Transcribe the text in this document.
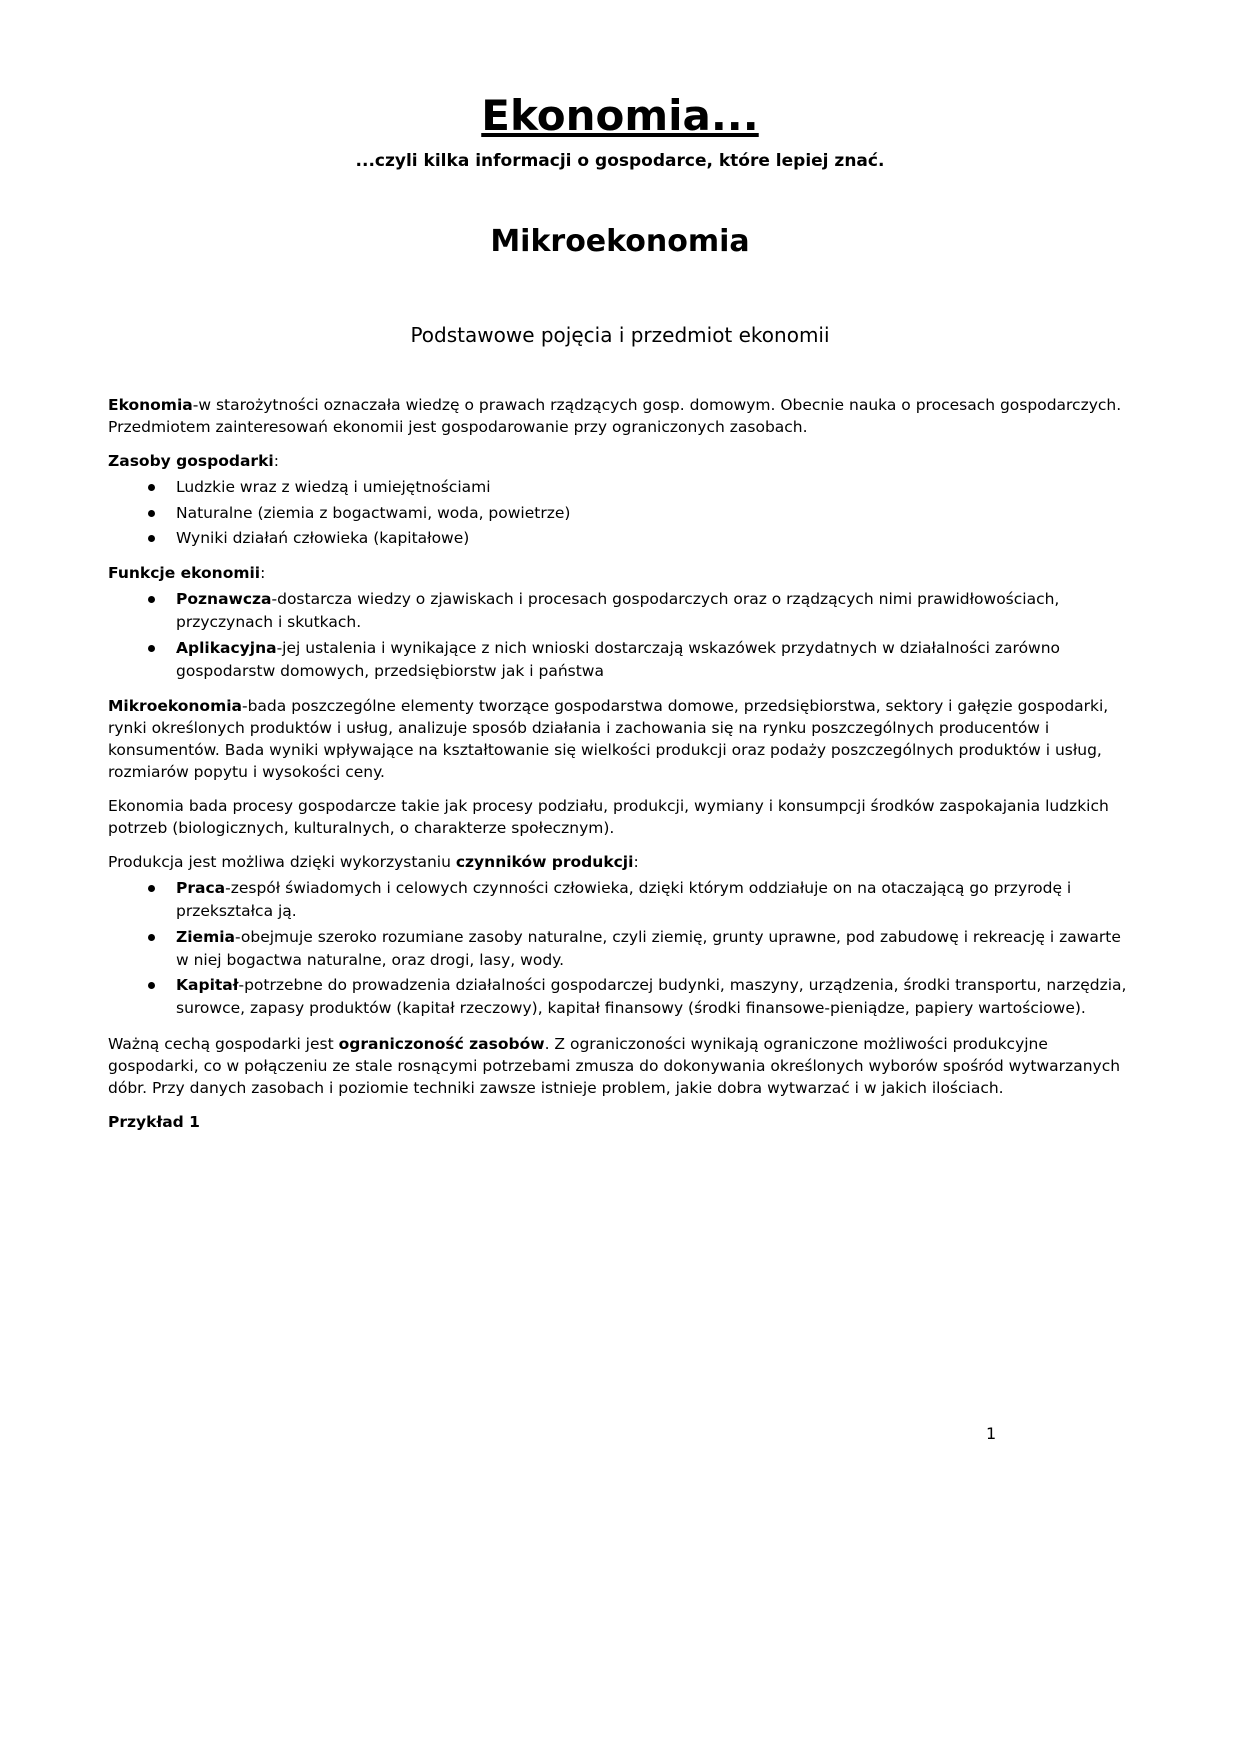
Ekonomia...

...czyli kilka informacji o gospodarce, które lepiej znać.

Mikroekonomia
Podstawowe pojęcia i przedmiot ekonomii

Ekonomia-w starożytności oznaczała wiedzę o prawach rządzących gosp. domowym. Obecnie nauka o procesach gospodarczych. Przedmiotem zainteresowań ekonomii jest gospodarowanie przy ograniczonych zasobach.

Zasoby gospodarki:

Ludzkie wraz z wiedzą i umiejętnościami
Naturalne (ziemia z bogactwami, woda, powietrze)
Wyniki działań człowieka (kapitałowe)

Funkcje ekonomii:

Poznawcza-dostarcza wiedzy o zjawiskach i procesach gospodarczych oraz o rządzących nimi prawidłowościach, przyczynach i skutkach.
Aplikacyjna-jej ustalenia i wynikające z nich wnioski dostarczają wskazówek przydatnych w działalności zarówno gospodarstw domowych, przedsiębiorstw jak i państwa

Mikroekonomia-bada poszczególne elementy tworzące gospodarstwa domowe, przedsiębiorstwa, sektory i gałęzie gospodarki, rynki określonych produktów i usług, analizuje sposób działania i zachowania się na rynku poszczególnych producentów i konsumentów. Bada wyniki wpływające na kształtowanie się wielkości produkcji oraz podaży poszczególnych produktów i usług, rozmiarów popytu i wysokości ceny.

Ekonomia bada procesy gospodarcze takie jak procesy podziału, produkcji, wymiany i konsumpcji środków zaspokajania ludzkich potrzeb (biologicznych, kulturalnych, o charakterze społecznym).

Produkcja jest możliwa dzięki wykorzystaniu czynników produkcji:

Praca-zespół świadomych i celowych czynności człowieka, dzięki którym oddziałuje on na otaczającą go przyrodę i przekształca ją.
Ziemia-obejmuje szeroko rozumiane zasoby naturalne, czyli ziemię, grunty uprawne, pod zabudowę i rekreację i zawarte w niej bogactwa naturalne, oraz drogi, lasy, wody.
Kapitał-potrzebne do prowadzenia działalności gospodarczej budynki, maszyny, urządzenia, środki transportu, narzędzia, surowce, zapasy produktów (kapitał rzeczowy), kapitał finansowy (środki finansowe-pieniądze, papiery wartościowe).

Ważną cechą gospodarki jest ograniczoność zasobów. Z ograniczoności wynikają ograniczone możliwości produkcyjne gospodarki, co w połączeniu ze stale rosnącymi potrzebami zmusza do dokonywania określonych wyborów spośród wytwarzanych dóbr. Przy danych zasobach i poziomie techniki zawsze istnieje problem, jakie dobra wytwarzać i w jakich ilościach.

Przykład 1

1
